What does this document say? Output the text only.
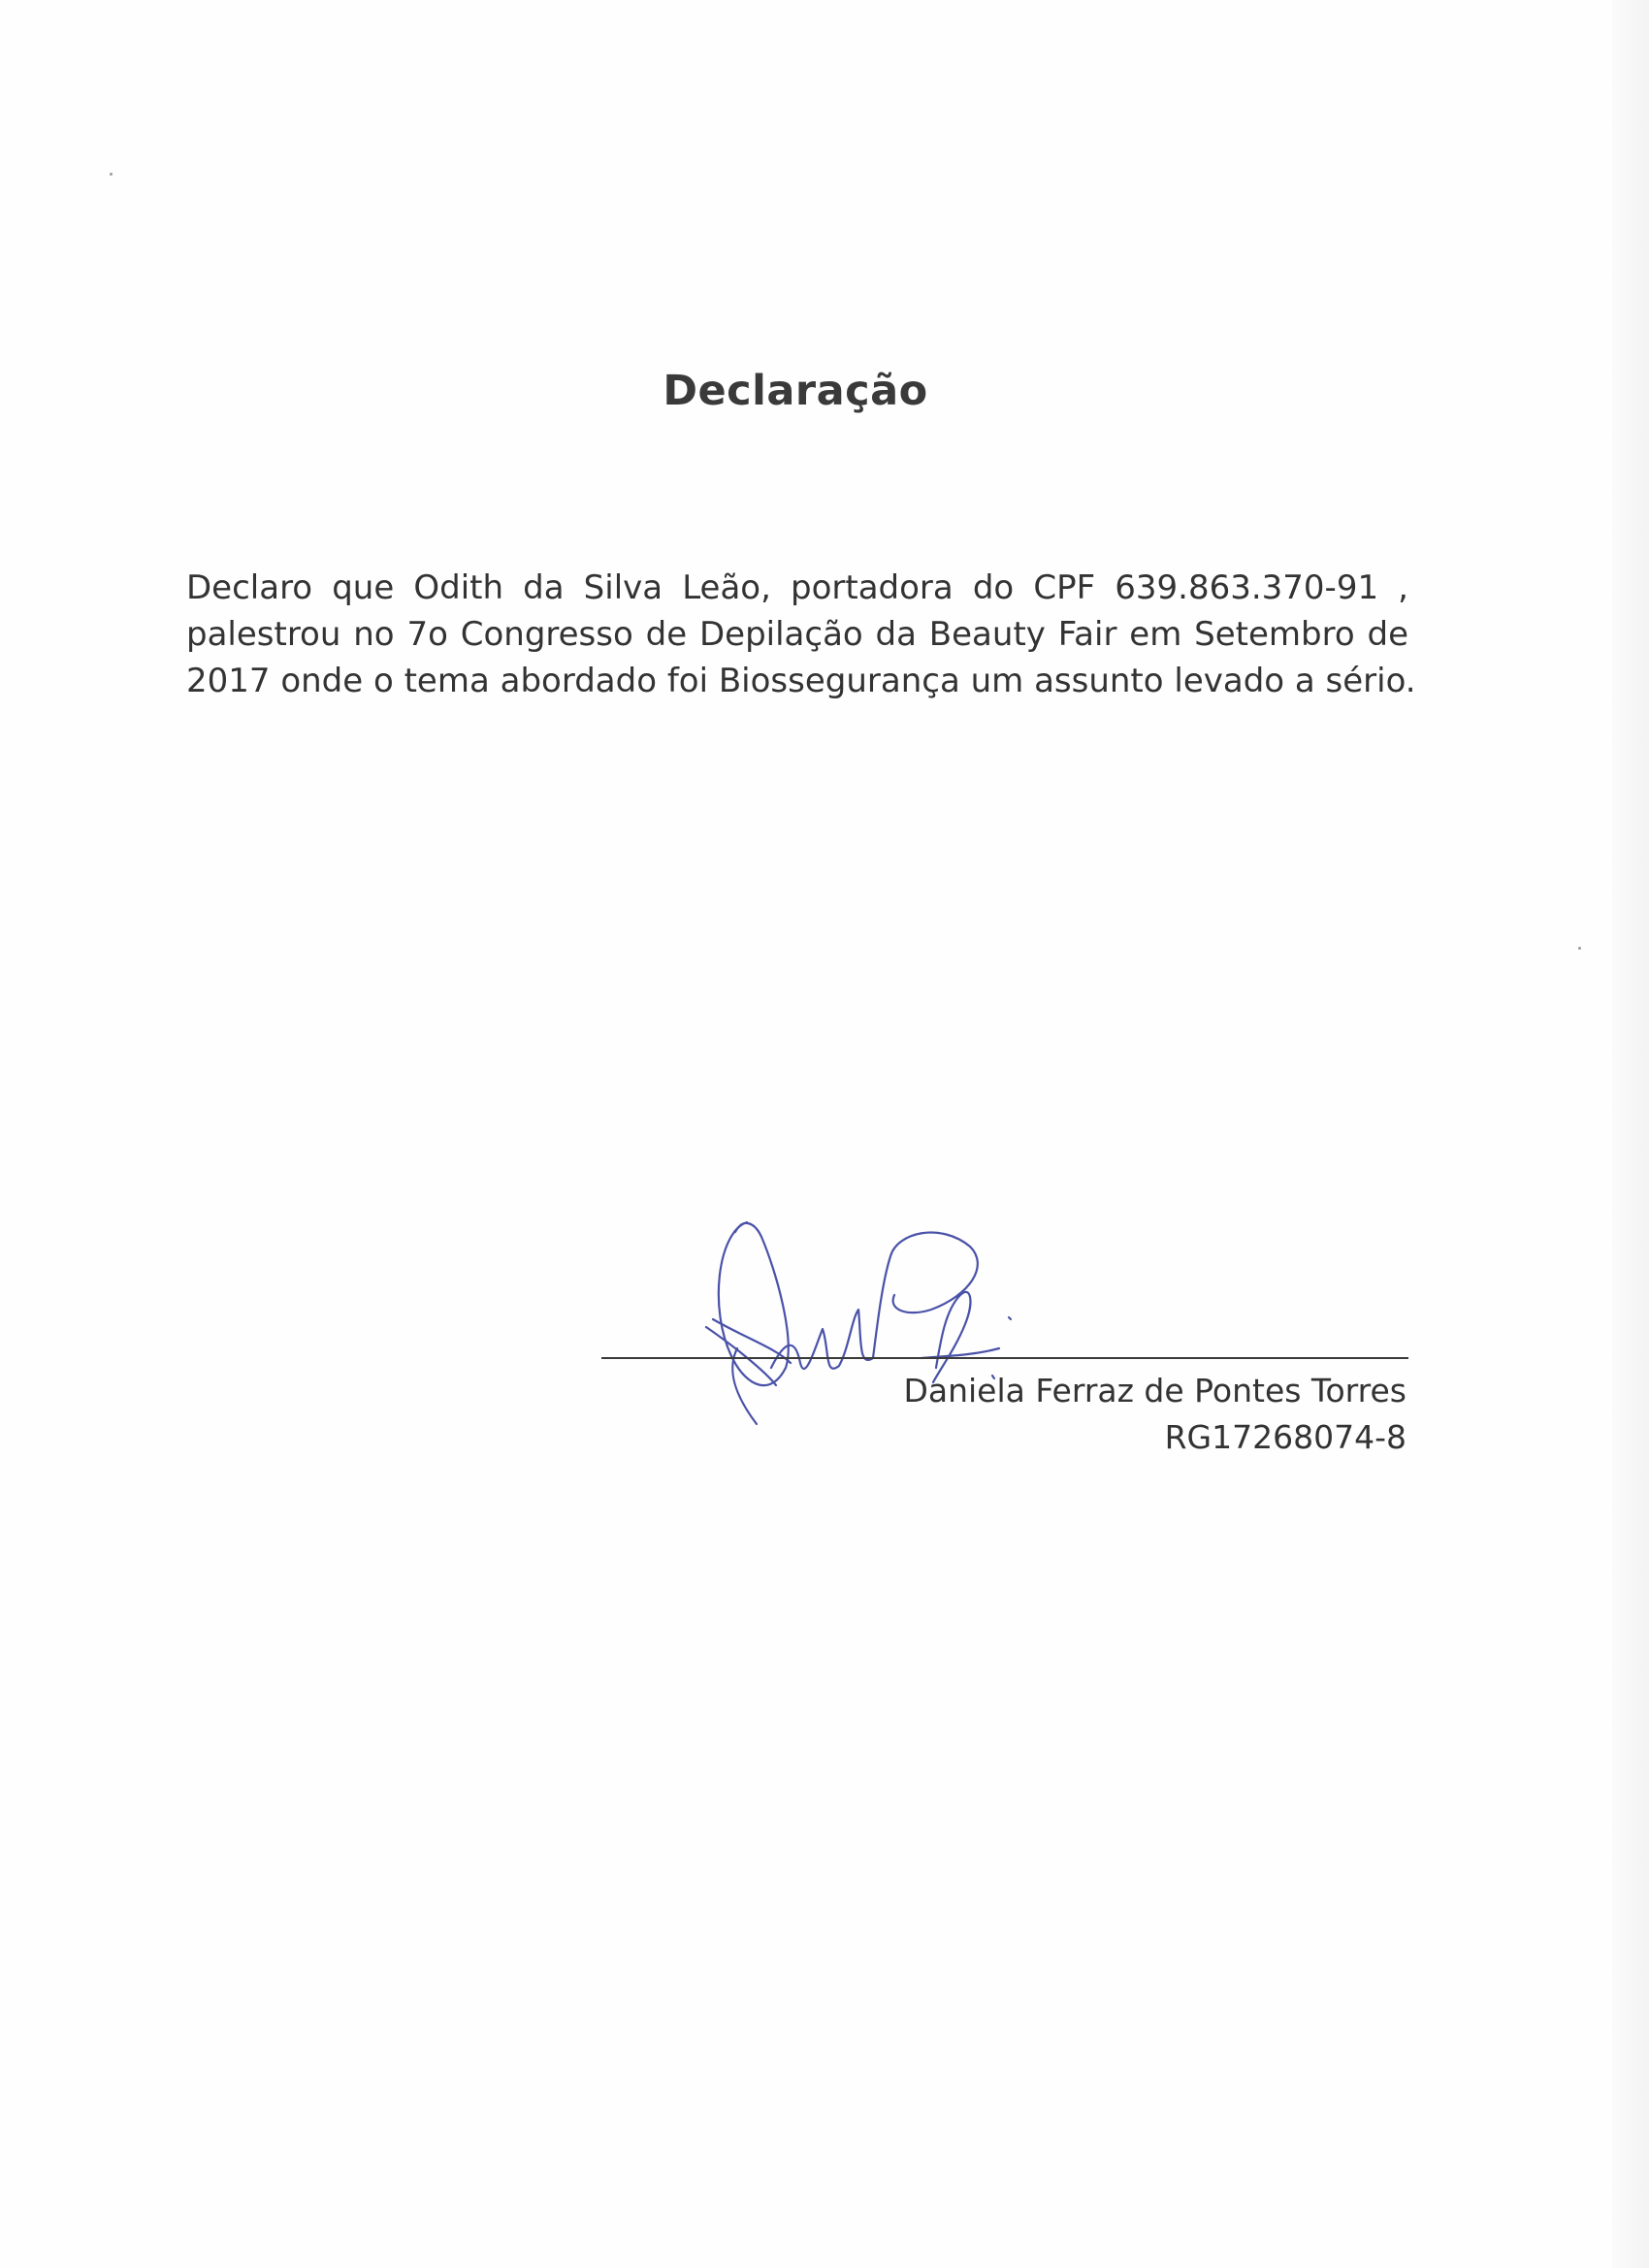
Declaração
Declaro que Odith da Silva Leão, portadora do CPF 639.863.370-91 ,
palestrou no 7o Congresso de Depilação da Beauty Fair em Setembro de
2017 onde o tema abordado foi Biossegurança um assunto levado a sério.
Daniela Ferraz de Pontes Torres
RG17268074-8
